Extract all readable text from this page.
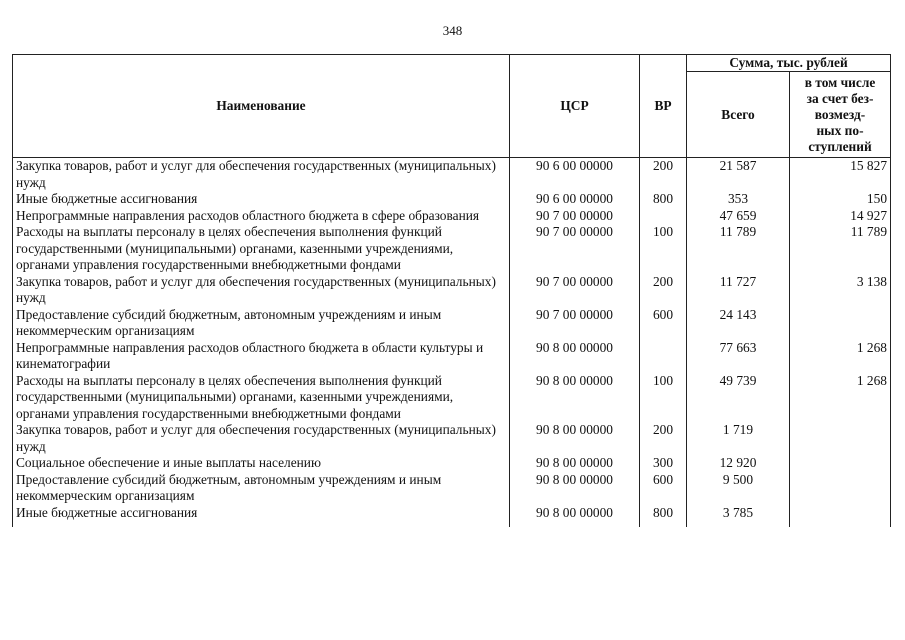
348
Наименование	ЦСР	ВР	Сумма, тыс. рублей	
			Всего	в том числе
за счет без-
возмезд-
ных по-
ступлений

Закупка товаров, работ и услуг для обеспечения государственных (муниципальных) нужд	90 6 00 00000	200	21 587	15 827
Иные бюджетные ассигнования	90 6 00 00000	800	353	150
Непрограммные направления расходов областного бюджета в сфере образования	90 7 00 00000		47 659	14 927
Расходы на выплаты персоналу в целях обеспечения выполнения функций государственными (муниципальными) органами, казенными учреждениями, органами управления государственными внебюджетными фондами	90 7 00 00000	100	11 789	11 789
Закупка товаров, работ и услуг для обеспечения государственных (муниципальных) нужд	90 7 00 00000	200	11 727	3 138
Предоставление субсидий бюджетным, автономным учреждениям и иным некоммерческим организациям	90 7 00 00000	600	24 143	
Непрограммные направления расходов областного бюджета в области культуры и кинематографии	90 8 00 00000		77 663	1 268
Расходы на выплаты персоналу в целях обеспечения выполнения функций государственными (муниципальными) органами, казенными учреждениями, органами управления государственными внебюджетными фондами	90 8 00 00000	100	49 739	1 268
Закупка товаров, работ и услуг для обеспечения государственных (муниципальных) нужд	90 8 00 00000	200	1 719	
Социальное обеспечение и иные выплаты населению	90 8 00 00000	300	12 920	
Предоставление субсидий бюджетным, автономным учреждениям и иным некоммерческим организациям	90 8 00 00000	600	9 500	
Иные бюджетные ассигнования	90 8 00 00000	800	3 785	
